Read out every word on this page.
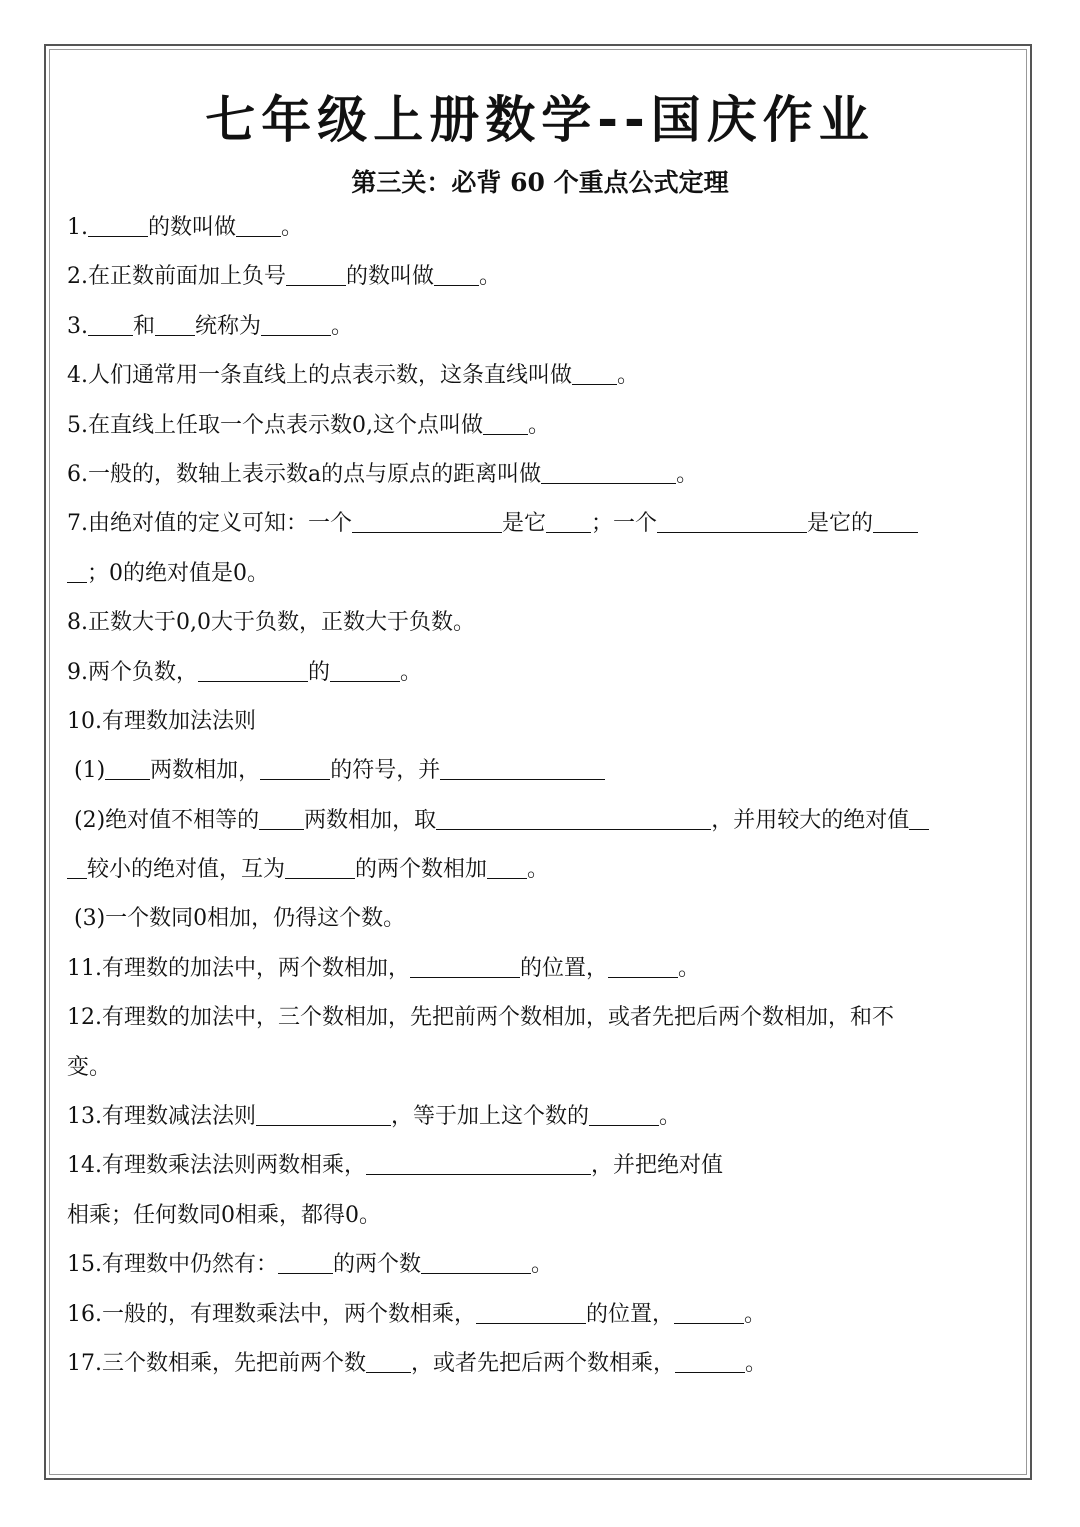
七年级上册数学--国庆作业
第三关：必背 60 个重点公式定理
1.	的数叫做 。
2.在正数前面加上负号	的数叫做 。
3. 和 统称为	。
4.人们通常用一条直线上的点表示数，这条直线叫做 。
5.在直线上任取一个点表示数0,这个点叫做 。
6.一般的，数轴上表示数a的点与原点的距离叫做	。
7.由绝对值的定义可知：一个	是它 ；一个	是它的
；0的绝对值是0。
8.正数大于0,0大于负数，正数大于负数。
9.两个负数，	的	。
10.有理数加法法则
(1) 两数相加，	的符号，并
(2)绝对值不相等的 两数相加，取	，并用较大的绝对值
较小的绝对值，互为	的两个数相加 。
(3)一个数同0相加，仍得这个数。
11.有理数的加法中，两个数相加，	的位置，	。
12.有理数的加法中，三个数相加，先把前两个数相加，或者先把后两个数相加，和不
变。
13.有理数减法法则	，等于加上这个数的	。
14.有理数乘法法则两数相乘，	，并把绝对值
相乘；任何数同0相乘，都得0。
15.有理数中仍然有：	的两个数	。
16.一般的，有理数乘法中，两个数相乘，	的位置，	。
17.三个数相乘，先把前两个数 ，或者先把后两个数相乘，	。
